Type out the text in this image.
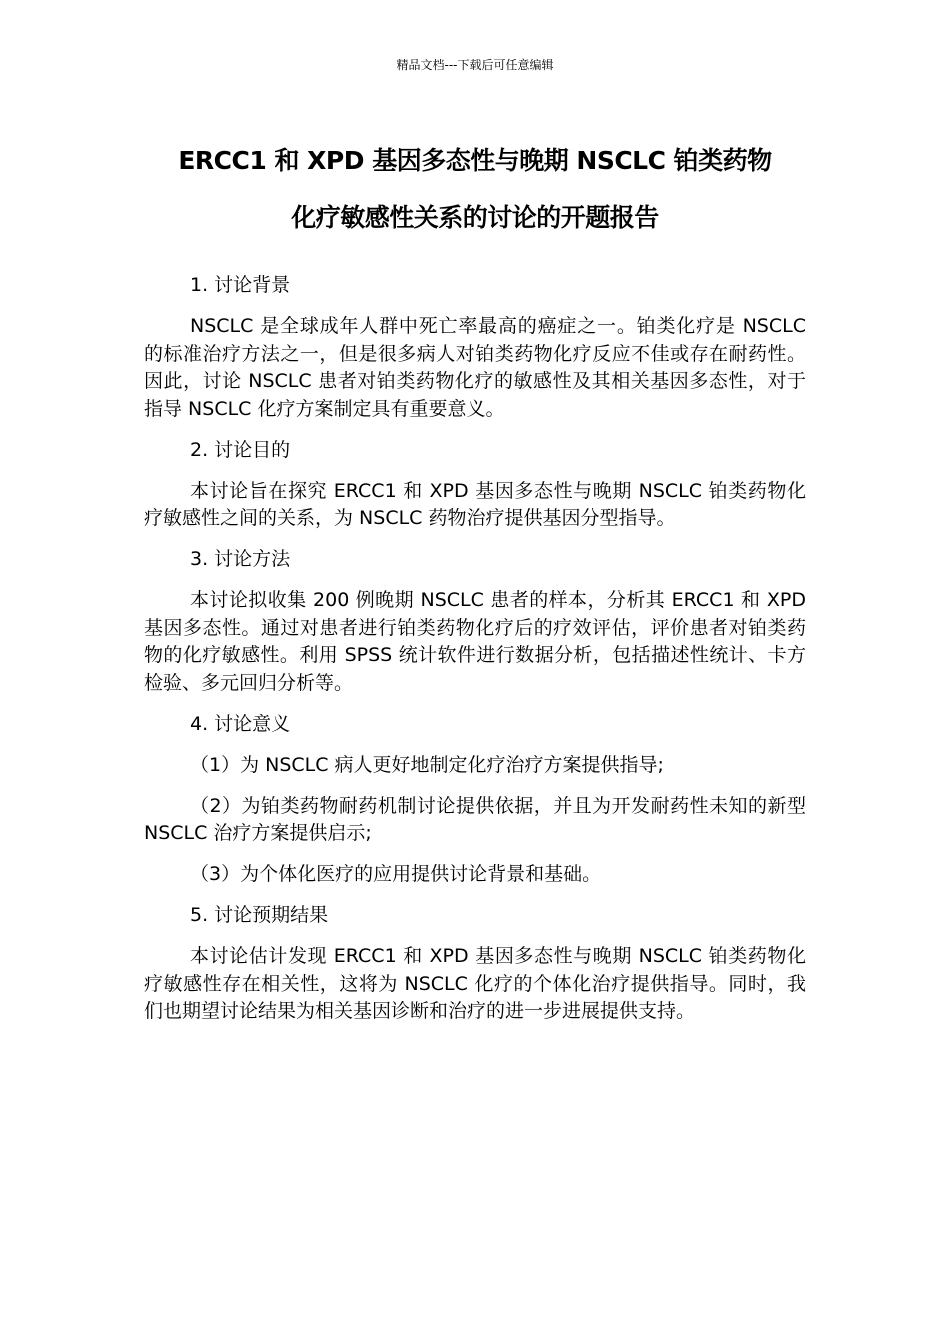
精品文档---下载后可任意编辑
ERCC1 和 XPD 基因多态性与晚期 NSCLC 铂类药物
化疗敏感性关系的讨论的开题报告
1. 讨论背景

NSCLC 是全球成年人群中死亡率最高的癌症之一。铂类化疗是 NSCLC 的标准治疗方法之一，但是很多病人对铂类药物化疗反应不佳或存在耐药性。因此，讨论 NSCLC 患者对铂类药物化疗的敏感性及其相关基因多态性，对于指导 NSCLC 化疗方案制定具有重要意义。

2. 讨论目的

本讨论旨在探究 ERCC1 和 XPD 基因多态性与晚期 NSCLC 铂类药物化疗敏感性之间的关系，为 NSCLC 药物治疗提供基因分型指导。

3. 讨论方法

本讨论拟收集 200 例晚期 NSCLC 患者的样本，分析其 ERCC1 和 XPD 基因多态性。通过对患者进行铂类药物化疗后的疗效评估，评价患者对铂类药物的化疗敏感性。利用 SPSS 统计软件进行数据分析，包括描述性统计、卡方检验、多元回归分析等。

4. 讨论意义

（1）为 NSCLC 病人更好地制定化疗治疗方案提供指导;

（2）为铂类药物耐药机制讨论提供依据，并且为开发耐药性未知的新型 NSCLC 治疗方案提供启示;

（3）为个体化医疗的应用提供讨论背景和基础。

5. 讨论预期结果

本讨论估计发现 ERCC1 和 XPD 基因多态性与晚期 NSCLC 铂类药物化疗敏感性存在相关性，这将为 NSCLC 化疗的个体化治疗提供指导。同时，我们也期望讨论结果为相关基因诊断和治疗的进一步进展提供支持。
